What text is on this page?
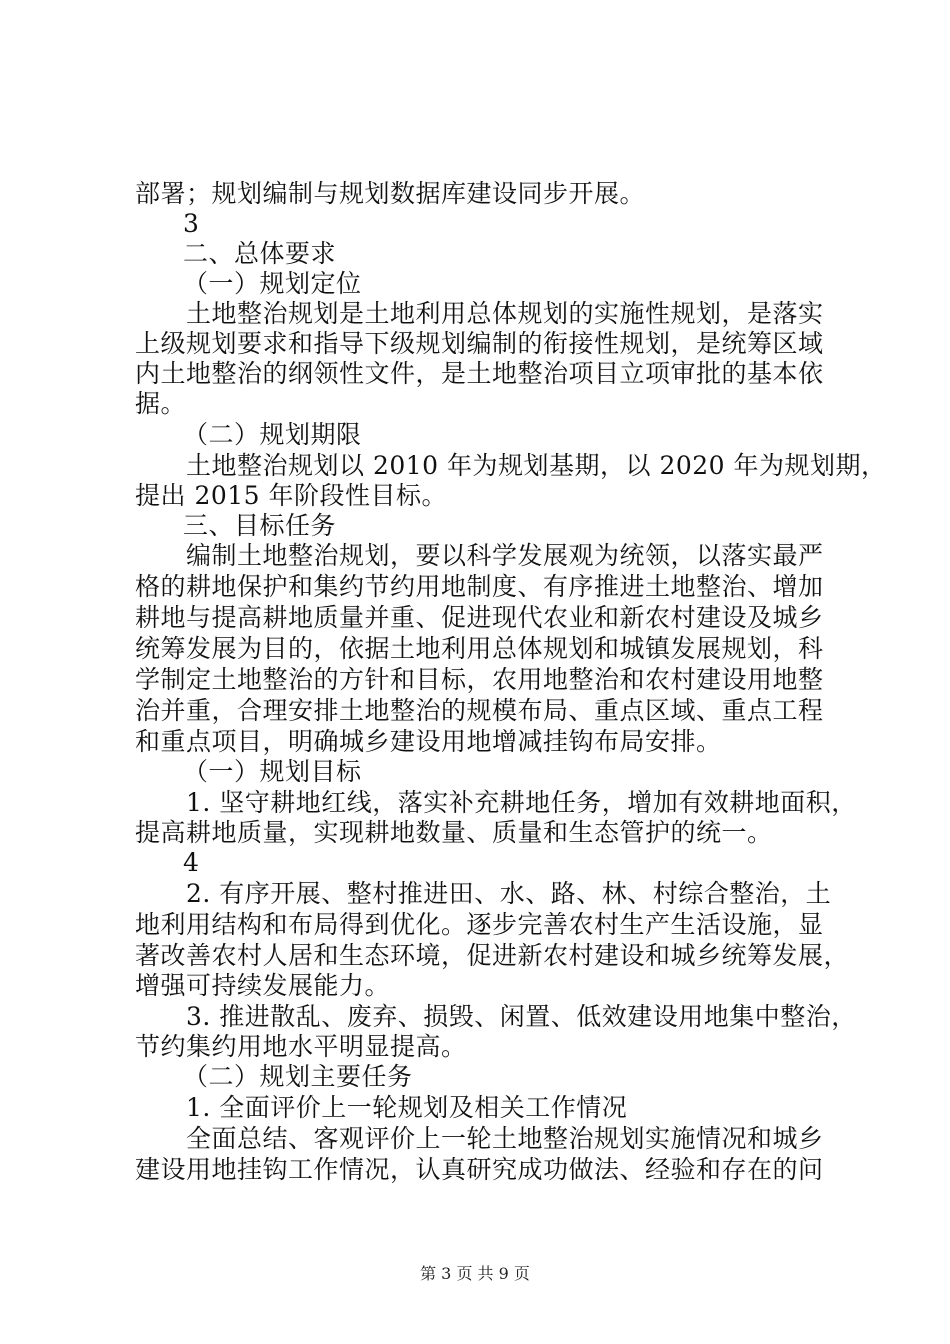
部署；规划编制与规划数据库建设同步开展。
3
二、总体要求
（一）规划定位
土地整治规划是土地利用总体规划的实施性规划，是落实
上级规划要求和指导下级规划编制的衔接性规划，是统筹区域
内土地整治的纲领性文件，是土地整治项目立项审批的基本依
据。
（二）规划期限
土地整治规划以 2010 年为规划基期，以 2020 年为规划期，
提出 2015 年阶段性目标。
三、目标任务
编制土地整治规划，要以科学发展观为统领，以落实最严
格的耕地保护和集约节约用地制度、有序推进土地整治、增加
耕地与提高耕地质量并重、促进现代农业和新农村建设及城乡
统筹发展为目的，依据土地利用总体规划和城镇发展规划，科
学制定土地整治的方针和目标，农用地整治和农村建设用地整
治并重，合理安排土地整治的规模布局、重点区域、重点工程
和重点项目，明确城乡建设用地增减挂钩布局安排。
（一）规划目标
1. 坚守耕地红线，落实补充耕地任务，增加有效耕地面积，
提高耕地质量，实现耕地数量、质量和生态管护的统一。
4
2. 有序开展、整村推进田、水、路、林、村综合整治，土
地利用结构和布局得到优化。逐步完善农村生产生活设施，显
著改善农村人居和生态环境，促进新农村建设和城乡统筹发展，
增强可持续发展能力。
3. 推进散乱、废弃、损毁、闲置、低效建设用地集中整治，
节约集约用地水平明显提高。
（二）规划主要任务
1. 全面评价上一轮规划及相关工作情况
全面总结、客观评价上一轮土地整治规划实施情况和城乡
建设用地挂钩工作情况，认真研究成功做法、经验和存在的问
第 3 页 共 9 页
